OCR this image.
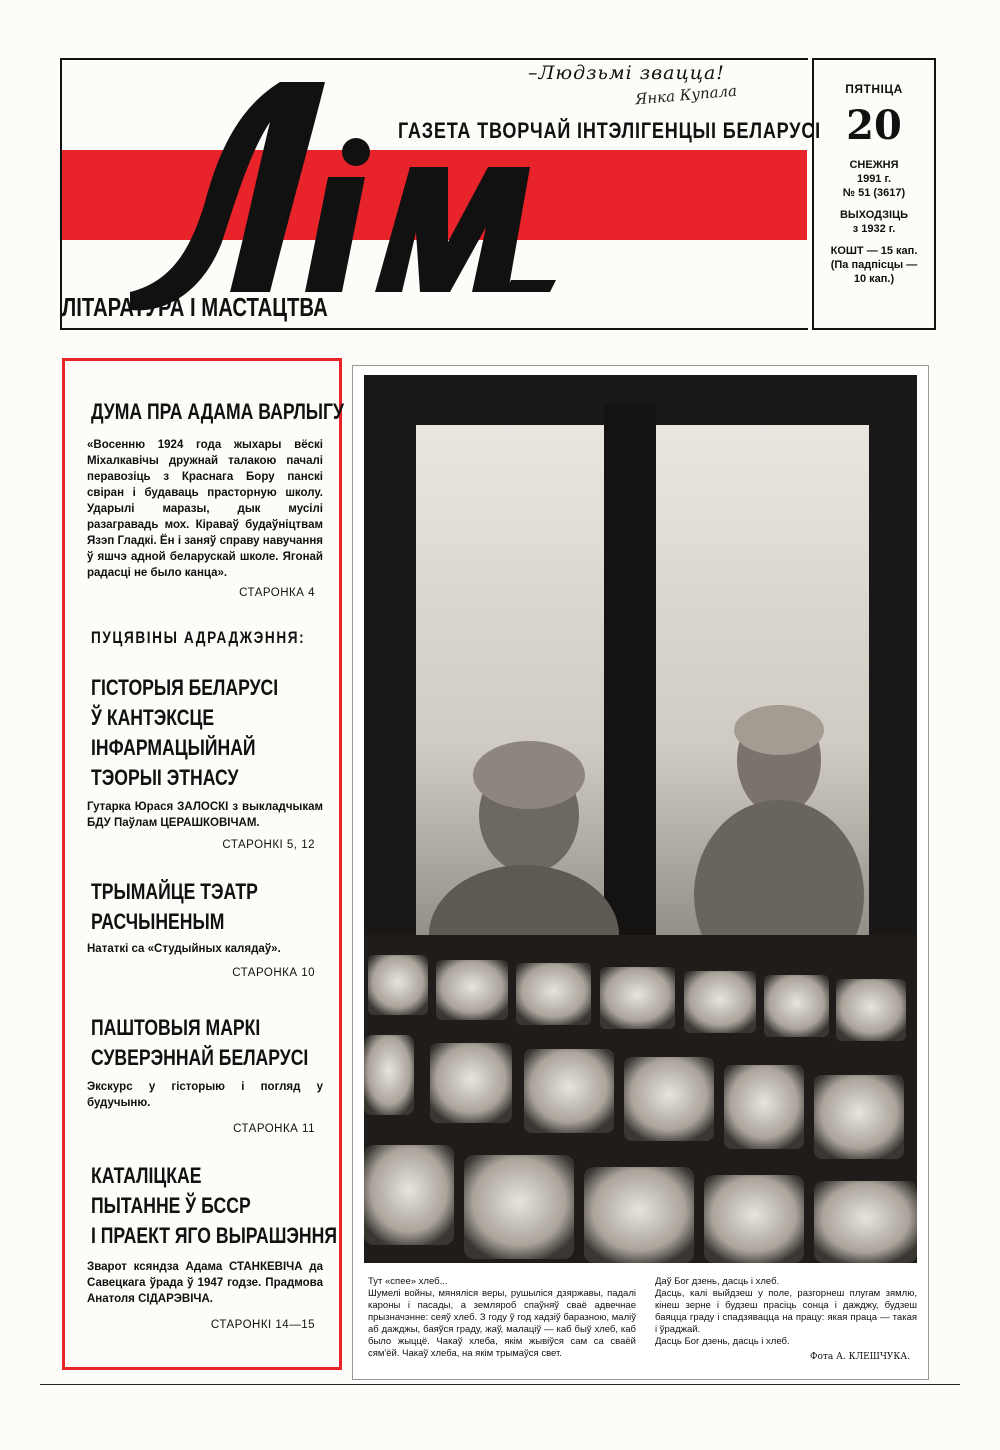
–Людзьмі звацца!
Янка Купала
ГАЗЕТА ТВОРЧАЙ ІНТЭЛІГЕНЦЫІ БЕЛАРУСІ
ЛІТАРАТУРА І МАСТАЦТВА
ПЯТНІЦА
20
СНЕЖНЯ
1991 г.
№ 51 (3617)
ВЫХОДЗІЦЬ
з 1932 г.
КОШТ — 15 кап.
(Па падпісцы —
10 кап.)
ДУМА ПРА АДАМА ВАРЛЫГУ
«Восенню 1924 года жыхары вёскі Міхалкавічы дружнай талакою пачалі перавозіць з Краснага Бору панскі свіран і будаваць прасторную школу. Ударылі маразы, дык мусілі разагравадь мох. Кіраваў будаўніцтвам Язэп Гладкі. Ён і заняў справу навучання ў яшчэ адной беларускай школе. Ягонай радасці не было канца».
СТАРОНКА 4
ПУЦЯВІНЫ АДРАДЖЭННЯ:
ГІСТОРЫЯ БЕЛАРУСІ
Ў КАНТЭКСЦЕ
ІНФАРМАЦЫЙНАЙ
ТЭОРЫІ ЭТНАСУ
Гутарка Юрася ЗАЛОСКІ з выкладчыкам БДУ Паўлам ЦЕРАШКОВІЧАМ.
СТАРОНКІ 5, 12
ТРЫМАЙЦЕ ТЭАТР
РАСЧЫНЕНЫМ
Нататкі са «Студыйных калядаў».
СТАРОНКА 10
ПАШТОВЫЯ МАРКІ
СУВЕРЭННАЙ БЕЛАРУСІ
Экскурс у гісторыю і погляд у будучыню.
СТАРОНКА 11
КАТАЛІЦКАЕ
ПЫТАННЕ Ў БССР
І ПРАЕКТ ЯГО ВЫРАШЭННЯ
Зварот ксяндза Адама СТАНКЕВІЧА да Савецкага ўрада ў 1947 годзе. Прадмова Анатоля СІДАРЭВІЧА.
СТАРОНКІ 14—15
Тут «спее» хлеб...
Шумелі войны, мяняліся веры, рушыліся дзяржавы, падалі кароны і пасады, а земляроб спаўняў сваё адвечнае прызначэнне: сеяў хлеб. З году ў год хадзіў баразною, маліў аб дажджы, баяўся граду, жаў, малаціў — каб быў хлеб, каб было жыццё. Чакаў хлеба, якім жывіўся сам са сваёй сям'ёй. Чакаў хлеба, на якім трымаўся свет.
Даў Бог дзень, дасць і хлеб.
Дасць, калі выйдзеш у поле, разгорнеш плугам зямлю, кінеш зерне і будзеш прасіць сонца і дажджу, будзеш баяцца граду і спадзявацца на працу: якая праца — такая і ўраджай.
Дасць Бог дзень, дасць і хлеб.
Фота А. КЛЕШЧУКА.
